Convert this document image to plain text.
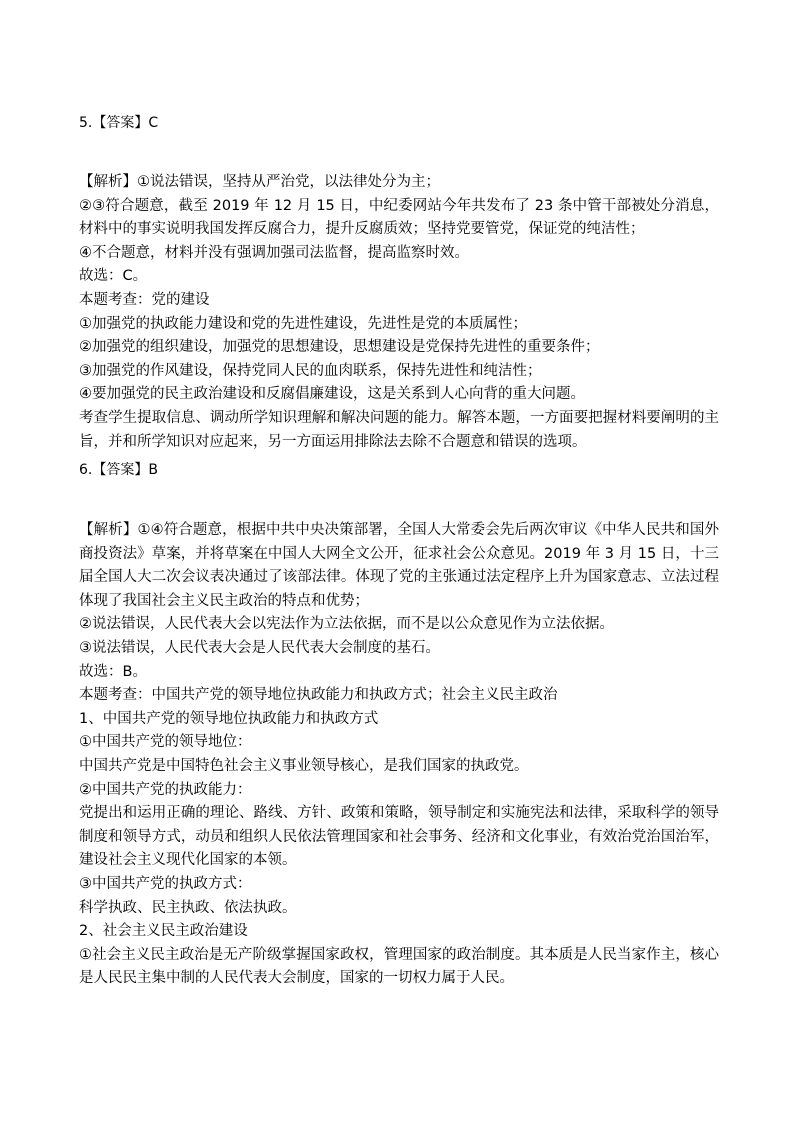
5.【答案】C

【解析】①说法错误，坚持从严治党，以法律处分为主；

②③符合题意，截至 2019 年 12 月 15 日，中纪委网站今年共发布了 23 条中管干部被处分消息，材料中的事实说明我国发挥反腐合力，提升反腐质效；坚持党要管党，保证党的纯洁性；

④不合题意，材料并没有强调加强司法监督，提高监察时效。

故选：C。

本题考查：党的建设

①加强党的执政能力建设和党的先进性建设，先进性是党的本质属性；

②加强党的组织建设，加强党的思想建设，思想建设是党保持先进性的重要条件；

③加强党的作风建设，保持党同人民的血肉联系，保持先进性和纯洁性；

④要加强党的民主政治建设和反腐倡廉建设，这是关系到人心向背的重大问题。

考查学生提取信息、调动所学知识理解和解决问题的能力。解答本题，一方面要把握材料要阐明的主旨，并和所学知识对应起来，另一方面运用排除法去除不合题意和错误的选项。

6.【答案】B

【解析】①④符合题意，根据中共中央决策部署，全国人大常委会先后两次审议《中华人民共和国外商投资法》草案，并将草案在中国人大网全文公开，征求社会公众意见。2019 年 3 月 15 日，十三届全国人大二次会议表决通过了该部法律。体现了党的主张通过法定程序上升为国家意志、立法过程体现了我国社会主义民主政治的特点和优势；

②说法错误，人民代表大会以宪法作为立法依据，而不是以公众意见作为立法依据。

③说法错误，人民代表大会是人民代表大会制度的基石。

故选：B。

本题考查：中国共产党的领导地位执政能力和执政方式；社会主义民主政治

1、中国共产党的领导地位执政能力和执政方式

①中国共产党的领导地位：

中国共产党是中国特色社会主义事业领导核心，是我们国家的执政党。

②中国共产党的执政能力：

党提出和运用正确的理论、路线、方针、政策和策略，领导制定和实施宪法和法律，采取科学的领导制度和领导方式，动员和组织人民依法管理国家和社会事务、经济和文化事业，有效治党治国治军，建设社会主义现代化国家的本领。

③中国共产党的执政方式：

科学执政、民主执政、依法执政。

2、社会主义民主政治建设

①社会主义民主政治是无产阶级掌握国家政权，管理国家的政治制度。其本质是人民当家作主，核心是人民民主集中制的人民代表大会制度，国家的一切权力属于人民。
